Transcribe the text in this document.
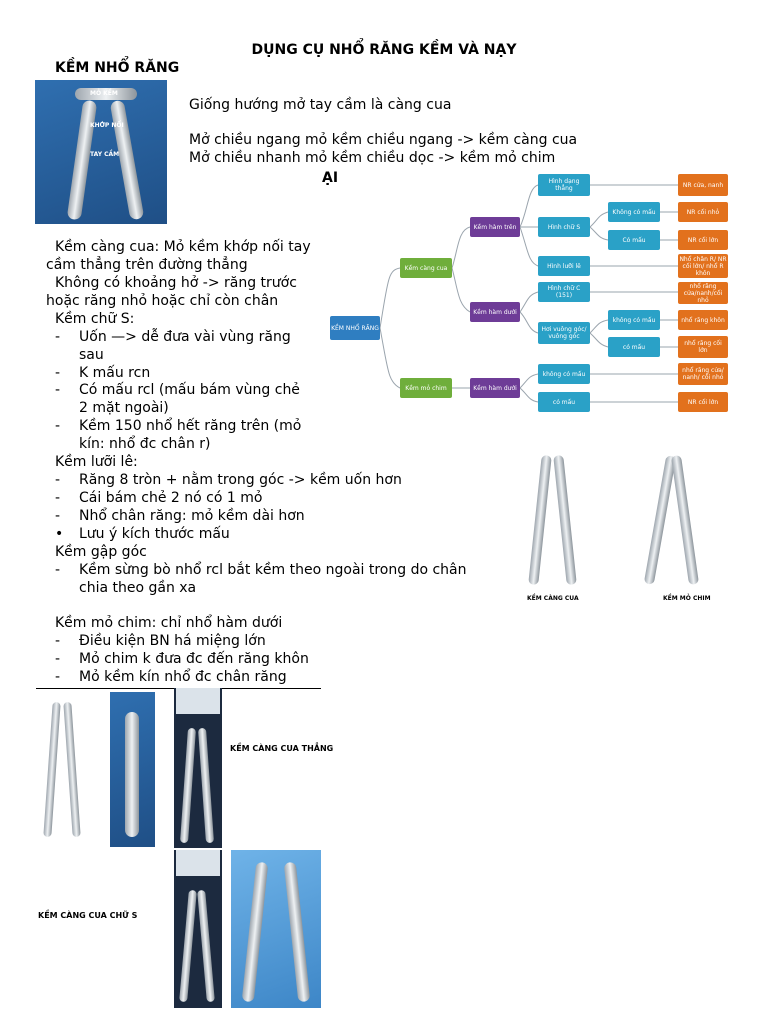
DỤNG CỤ NHỔ RĂNG KỀM VÀ NẠY
KỀM NHỔ RĂNG
MỎ KỀM
KHỚP NỐI
TAY CẦM
Giống hướng mở tay cầm là càng cua
Mở chiều ngang mỏ kềm chiều ngang -> kềm càng cua
Mở chiều nhanh mỏ kềm chiều dọc -> kềm mỏ chim
ẠI
Kềm càng cua: Mỏ kềm khớp nối tay
cầm thẳng trên đường thẳng
Không có khoảng hở -> răng trước
hoặc răng nhỏ hoặc chỉ còn chân
Kềm chữ S:
- Uốn —> dễ đưa vài vùng răng
sau
- K mấu rcn
- Có mấu rcl (mấu bám vùng chẻ
2 mặt ngoài)
- Kềm 150 nhổ hết răng trên (mỏ
kín: nhổ đc chân r)
Kềm lưỡi lê:
- Răng 8 tròn + nằm trong góc -> kềm uốn hơn
- Cái bám chẻ 2 nó có 1 mỏ
- Nhổ chân răng: mỏ kềm dài hơn
• Lưu ý kích thước mấu
Kềm gập góc
- Kềm sừng bò nhổ rcl bắt kềm theo ngoài trong do chân
chia theo gần xa
Kềm mỏ chim: chỉ nhổ hàm dưới
- Điều kiện BN há miệng lớn
- Mỏ chim k đưa đc đến răng khôn
- Mỏ kềm kín nhổ đc chân răng
KỀM NHỔ RĂNG
Kềm càng cua
Kềm mỏ chim
Kềm hàm trên
Kềm hàm dưới
Kềm hàm dưới
Hình dạng thẳng
Hình chữ S
Hình lưỡi lê
Hình chữ C (151)
Hơi vuông góc/ vuông góc
không có mấu
có mấu
Không có mấu
Có mấu
không có mấu
có mấu
NR cửa, nanh
NR cối nhỏ
NR cối lớn
Nhổ chân R/ NR cối lớn/ nhổ R khôn
nhổ răng cửa/nanh/cối nhỏ
nhổ răng khôn
nhổ răng cối lớn
nhổ răng cửa/ nanh/ cối nhỏ
NR cối lớn
KỀM CÀNG CUA	KỀM MỎ CHIM
KỀM CÀNG CUA THẲNG
KỀM CÀNG CUA CHỮ S
